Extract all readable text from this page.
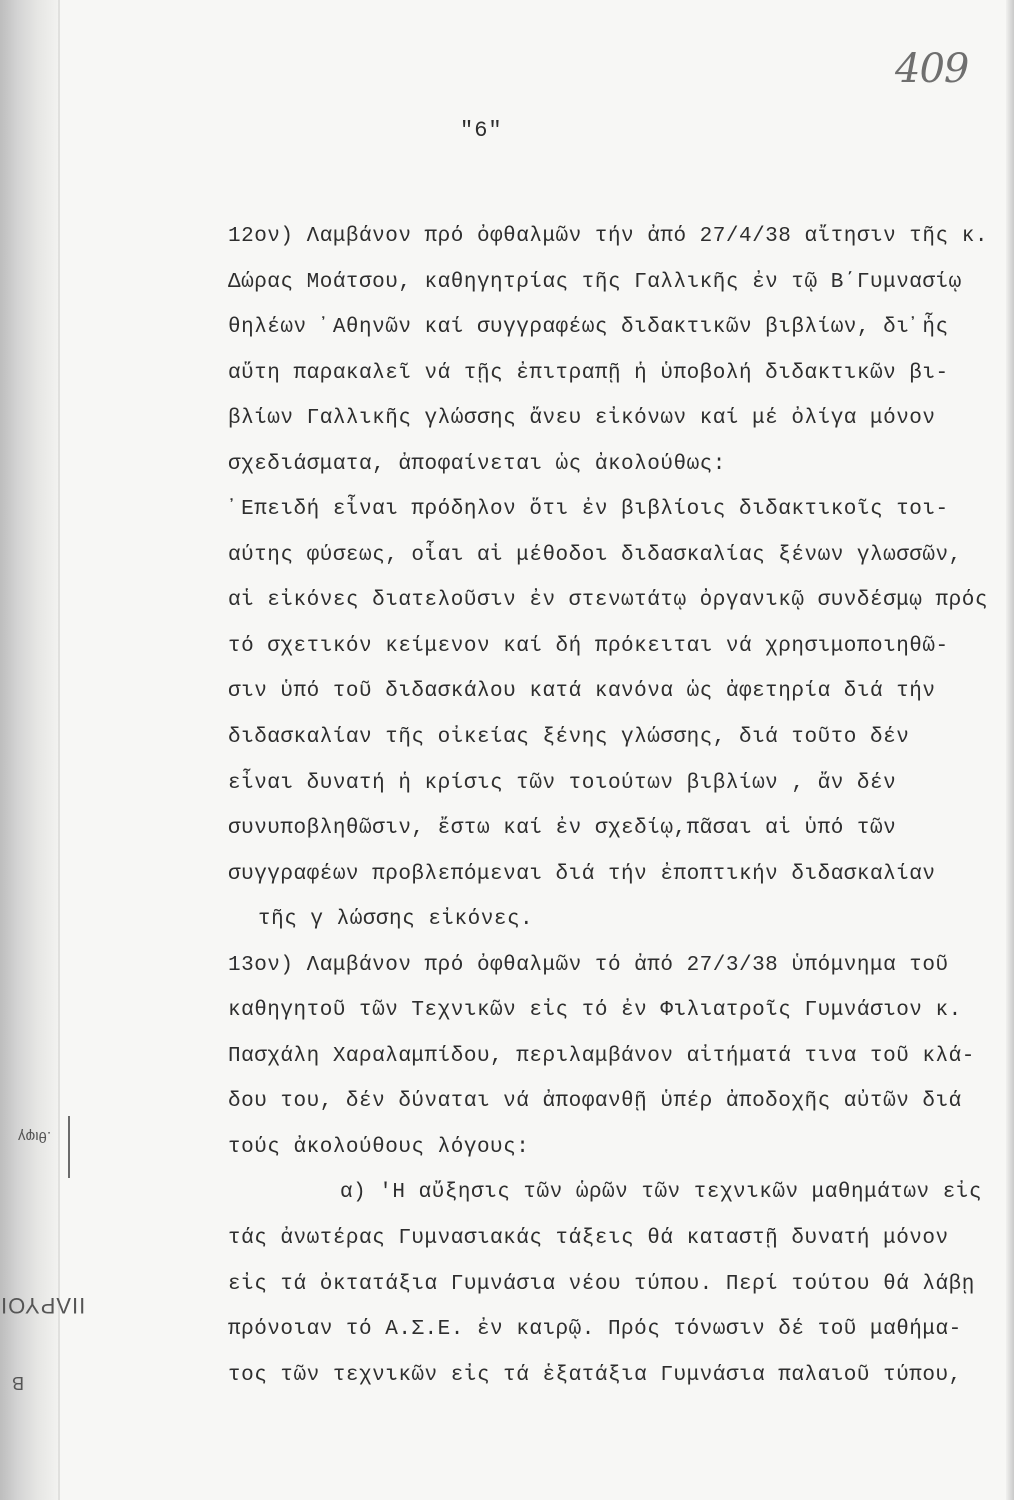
.θιφγ
ΙΙΛΡΥΟΙ
B
409
"6"
12ον) Λαμβάνον πρό ὀφθαλμῶν τήν ἀπό 27/4/38 αἴτησιν τῆς κ.
Δώρας Μοάτσου, καθηγητρίας τῆς Γαλλικῆς ἐν τῷ Β΄Γυμνασίῳ
θηλέων ᾿Αθηνῶν καί συγγραφέως διδακτικῶν βιβλίων, δι᾿ἧς
αὕτη παρακαλεῖ νά τῇς ἐπιτραπῇ ἡ ὑποβολή διδακτικῶν βι-
βλίων Γαλλικῆς γλώσσης ἄνευ εἰκόνων καί μέ ὀλίγα μόνον
σχεδιάσματα, ἀποφαίνεται ὡς ἀκολούθως:
᾿Επειδή εἶναι πρόδηλον ὅτι ἐν βιβλίοις διδακτικοῖς τοι-
αύτης φύσεως, οἷαι αἱ μέθοδοι διδασκαλίας ξένων γλωσσῶν,
αἱ εἰκόνες διατελοῦσιν ἐν στενωτάτῳ ὀργανικῷ συνδέσμῳ πρός
τό σχετικόν κείμενον καί δή πρόκειται νά χρησιμοποιηθῶ-
σιν ὑπό τοῦ διδασκάλου κατά κανόνα ὡς ἀφετηρία διά τήν
διδασκαλίαν τῆς οἰκείας ξένης γλώσσης, διά τοῦτο δέν
εἶναι δυνατή ἡ κρίσις τῶν τοιούτων βιβλίων , ἄν δέν
συνυποβληθῶσιν, ἔστω καί ἐν σχεδίῳ,πᾶσαι αἱ ὑπό τῶν
συγγραφέων προβλεπόμεναι διά τήν ἐποπτικήν διδασκαλίαν
τῆς γ λώσσης εἰκόνες.
13ον) Λαμβάνον πρό ὀφθαλμῶν τό ἀπό 27/3/38 ὑπόμνημα τοῦ
καθηγητοῦ τῶν Τεχνικῶν εἰς τό ἐν Φιλιατροῖς Γυμνάσιον κ.
Πασχάλη Χαραλαμπίδου, περιλαμβάνον αἰτήματά τινα τοῦ κλά-
δου του, δέν δύναται νά ἀποφανθῇ ὑπέρ ἀποδοχῆς αὐτῶν διά
τούς ἀκολούθους λόγους:
α) 'Η αὔξησις τῶν ὡρῶν τῶν τεχνικῶν μαθημάτων εἰς
τάς ἀνωτέρας Γυμνασιακάς τάξεις θά καταστῇ δυνατή μόνον
εἰς τά ὀκτατάξια Γυμνάσια νέου τύπου. Περί τούτου θά λάβῃ
πρόνοιαν τό Α.Σ.Ε. ἐν καιρῷ. Πρός τόνωσιν δέ τοῦ μαθήμα-
τος τῶν τεχνικῶν εἰς τά ἑξατάξια Γυμνάσια παλαιοῦ τύπου,
